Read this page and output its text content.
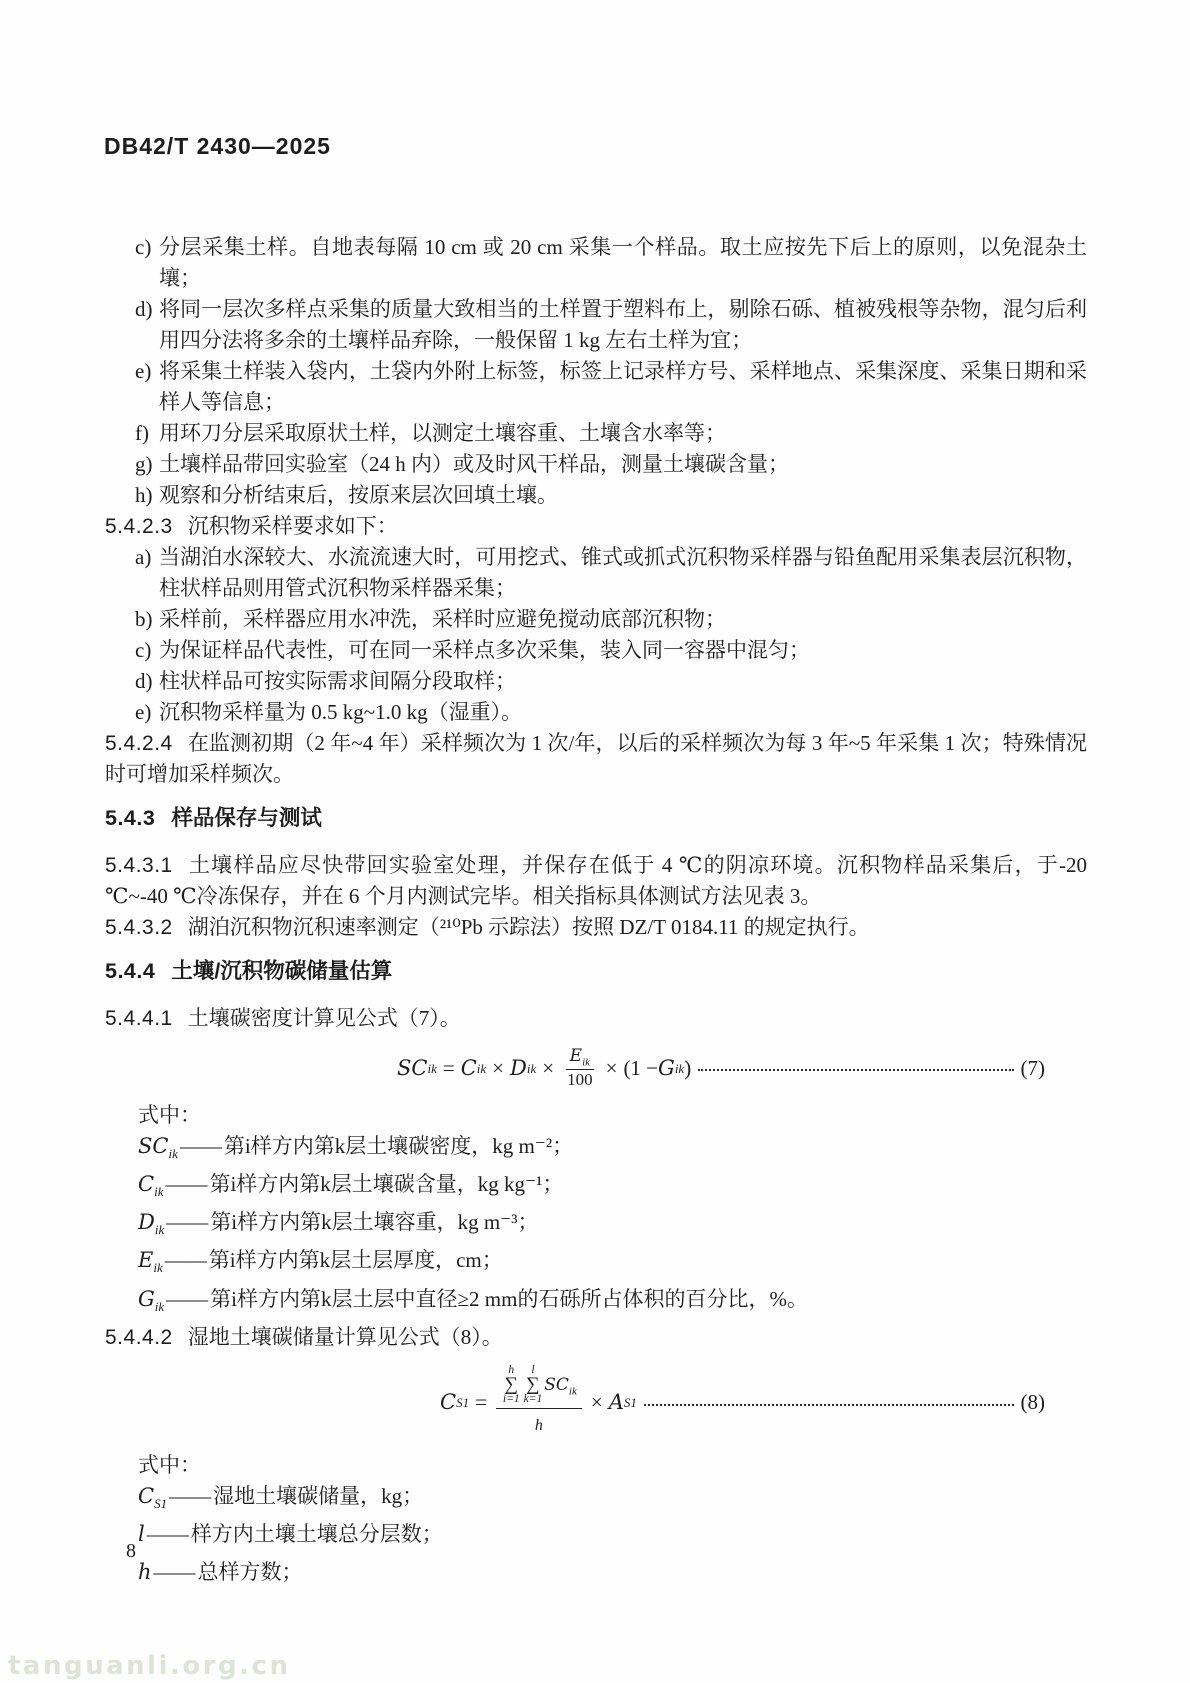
DB42/T 2430—2025
c) 分层采集土样。自地表每隔 10 cm 或 20 cm 采集一个样品。取土应按先下后上的原则，以免混杂土壤；
d) 将同一层次多样点采集的质量大致相当的土样置于塑料布上，剔除石砾、植被残根等杂物，混匀后利用四分法将多余的土壤样品弃除，一般保留 1 kg 左右土样为宜；
e) 将采集土样装入袋内，土袋内外附上标签，标签上记录样方号、采样地点、采集深度、采集日期和采样人等信息；
f) 用环刀分层采取原状土样，以测定土壤容重、土壤含水率等；
g) 土壤样品带回实验室（24 h 内）或及时风干样品，测量土壤碳含量；
h) 观察和分析结束后，按原来层次回填土壤。

5.4.2.3 沉积物采样要求如下：

a) 当湖泊水深较大、水流流速大时，可用挖式、锥式或抓式沉积物采样器与铅鱼配用采集表层沉积物，柱状样品则用管式沉积物采样器采集；
b) 采样前，采样器应用水冲洗，采样时应避免搅动底部沉积物；
c) 为保证样品代表性，可在同一采样点多次采集，装入同一容器中混匀；
d) 柱状样品可按实际需求间隔分段取样；
e) 沉积物采样量为 0.5 kg~1.0 kg（湿重）。

5.4.2.4 在监测初期（2 年~4 年）采样频次为 1 次/年，以后的采样频次为每 3 年~5 年采集 1 次；特殊情况时可增加采样频次。

5.4.3 样品保存与测试

5.4.3.1 土壤样品应尽快带回实验室处理，并保存在低于 4 ℃的阴凉环境。沉积物样品采集后，于-20 ℃~-40 ℃冷冻保存，并在 6 个月内测试完毕。相关指标具体测试方法见表 3。

5.4.3.2 湖泊沉积物沉积速率测定（²¹⁰Pb 示踪法）按照 DZ/T 0184.11 的规定执行。

5.4.4 土壤/沉积物碳储量估算

5.4.4.1 土壤碳密度计算见公式（7）。

SC ik = C ik × D ik × $\frac{E_{ik}}{100} \times (1 - G$ ik )	(7)
式中：
$SC_{ik}——$第i样方内第k层土壤碳密度，kg m⁻²；
$C_{ik}——$第i样方内第k层土壤碳含量，kg kg⁻¹；
$D_{ik}——$第i样方内第k层土壤容重，kg m⁻³；
$E_{ik}——$第i样方内第k层土层厚度，cm；
$G_{ik}——$第i样方内第k层土层中直径≥2 mm的石砾所占体积的百分比，%。

5.4.4.2 湿地土壤碳储量计算见公式（8）。

C S1 =
h
∑
i=1
l
∑
k=1
$SC_{ik}$
h
× A S1	(8)
式中：
$C_{S1}——$湿地土壤碳储量，kg；
l——样方内土壤土壤总分层数；
h——总样方数；
8
tanguanli.org.cn
